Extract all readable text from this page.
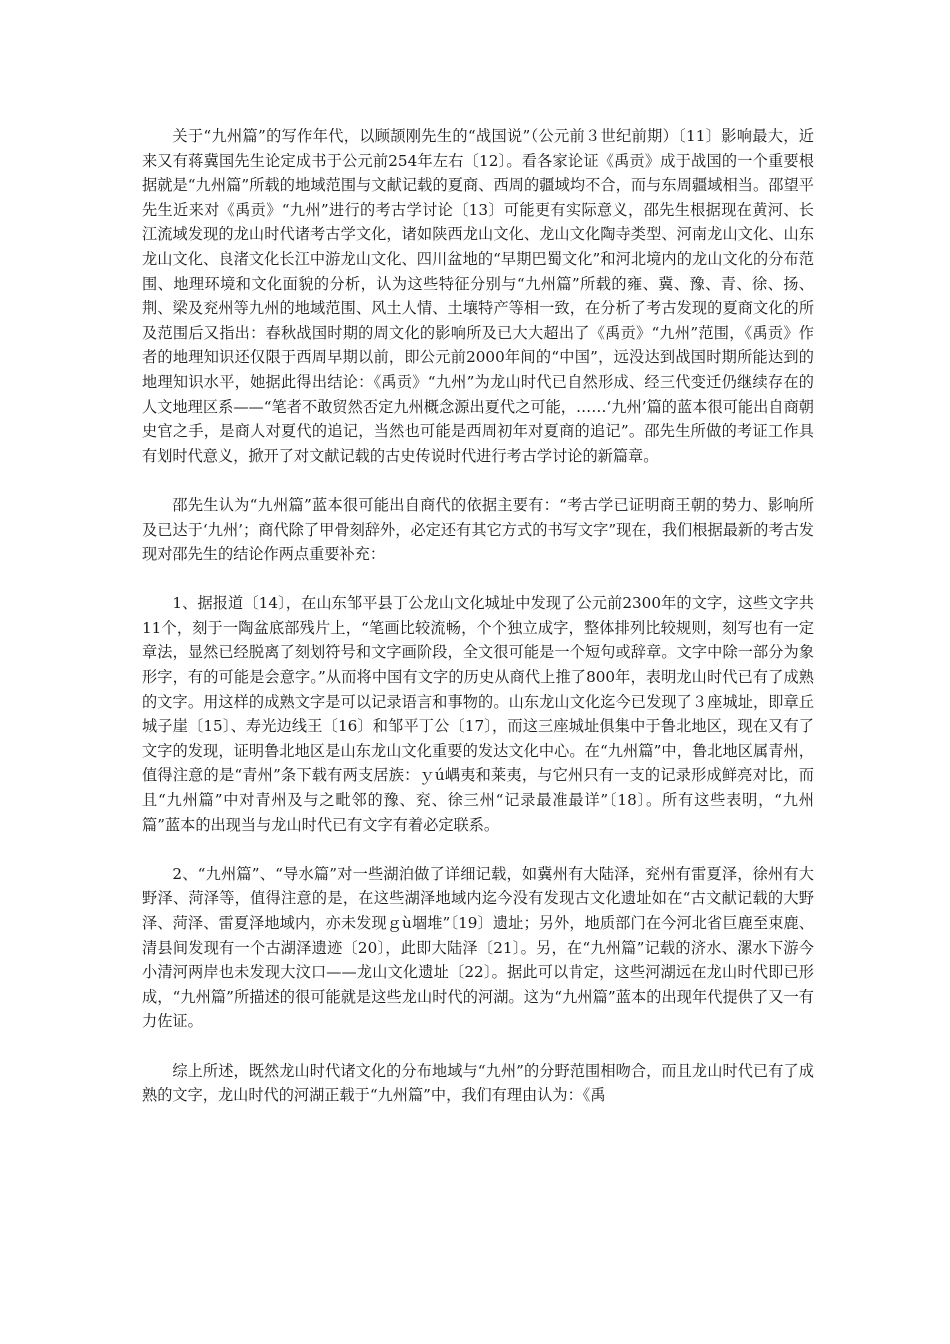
关于“九州篇”的写作年代，以顾颉刚先生的“战国说”（公元前３世纪前期）〔11〕影响最大，近来又有蒋冀国先生论定成书于公元前254年左右〔12〕。看各家论证《禹贡》成于战国的一个重要根据就是“九州篇”所载的地域范围与文献记载的夏商、西周的疆域均不合，而与东周疆域相当。邵望平先生近来对《禹贡》“九州”进行的考古学讨论〔13〕可能更有实际意义，邵先生根据现在黄河、长江流域发现的龙山时代诸考古学文化，诸如陕西龙山文化、龙山文化陶寺类型、河南龙山文化、山东龙山文化、良渚文化长江中游龙山文化、四川盆地的“早期巴蜀文化”和河北境内的龙山文化的分布范围、地理环境和文化面貌的分析，认为这些特征分别与“九州篇”所载的雍、冀、豫、青、徐、扬、荆、梁及兖州等九州的地域范围、风土人情、土壤特产等相一致，在分析了考古发现的夏商文化的所及范围后又指出：春秋战国时期的周文化的影响所及已大大超出了《禹贡》“九州”范围，《禹贡》作者的地理知识还仅限于西周早期以前，即公元前2000年间的“中国”，远没达到战国时期所能达到的地理知识水平，她据此得出结论：《禹贡》“九州”为龙山时代已自然形成、经三代变迁仍继续存在的人文地理区系——“笔者不敢贸然否定九州概念源出夏代之可能，……‘九州’篇的蓝本很可能出自商朝史官之手，是商人对夏代的追记，当然也可能是西周初年对夏商的追记”。邵先生所做的考证工作具有划时代意义，掀开了对文献记载的古史传说时代进行考古学讨论的新篇章。

邵先生认为“九州篇”蓝本很可能出自商代的依据主要有：“考古学已证明商王朝的势力、影响所及已达于‘九州’；商代除了甲骨刻辞外，必定还有其它方式的书写文字”现在，我们根据最新的考古发现对邵先生的结论作两点重要补充：

1、据报道〔14〕，在山东邹平县丁公龙山文化城址中发现了公元前2300年的文字，这些文字共11个，刻于一陶盆底部残片上，“笔画比较流畅，个个独立成字，整体排列比较规则，刻写也有一定章法，显然已经脱离了刻划符号和文字画阶段，全文很可能是一个短句或辞章。文字中除一部分为象形字，有的可能是会意字。”从而将中国有文字的历史从商代上推了800年，表明龙山时代已有了成熟的文字。用这样的成熟文字是可以记录语言和事物的。山东龙山文化迄今已发现了３座城址，即章丘城子崖〔15〕、寿光边线王〔16〕和邹平丁公〔17〕，而这三座城址俱集中于鲁北地区，现在又有了文字的发现，证明鲁北地区是山东龙山文化重要的发达文化中心。在“九州篇”中，鲁北地区属青州，值得注意的是“青州”条下载有两支居族：ｙú嵎夷和莱夷，与它州只有一支的记录形成鲜亮对比，而且“九州篇”中对青州及与之毗邻的豫、兖、徐三州“记录最准最详”〔18〕。所有这些表明，“九州篇”蓝本的出现当与龙山时代已有文字有着必定联系。

2、“九州篇”、“导水篇”对一些湖泊做了详细记载，如冀州有大陆泽，兖州有雷夏泽，徐州有大野泽、菏泽等，值得注意的是，在这些湖泽地域内迄今没有发现古文化遗址如在“古文献记载的大野泽、菏泽、雷夏泽地域内，亦未发现ｇù堌堆”〔19〕遗址；另外，地质部门在今河北省巨鹿至束鹿、清县间发现有一个古湖泽遗迹〔20〕，此即大陆泽〔21〕。另，在“九州篇”记载的济水、漯水下游今小清河两岸也未发现大汶口——龙山文化遗址〔22〕。据此可以肯定，这些河湖远在龙山时代即已形成，“九州篇”所描述的很可能就是这些龙山时代的河湖。这为“九州篇”蓝本的出现年代提供了又一有力佐证。

综上所述，既然龙山时代诸文化的分布地域与“九州”的分野范围相吻合，而且龙山时代已有了成熟的文字，龙山时代的河湖正载于“九州篇”中，我们有理由认为：《禹
